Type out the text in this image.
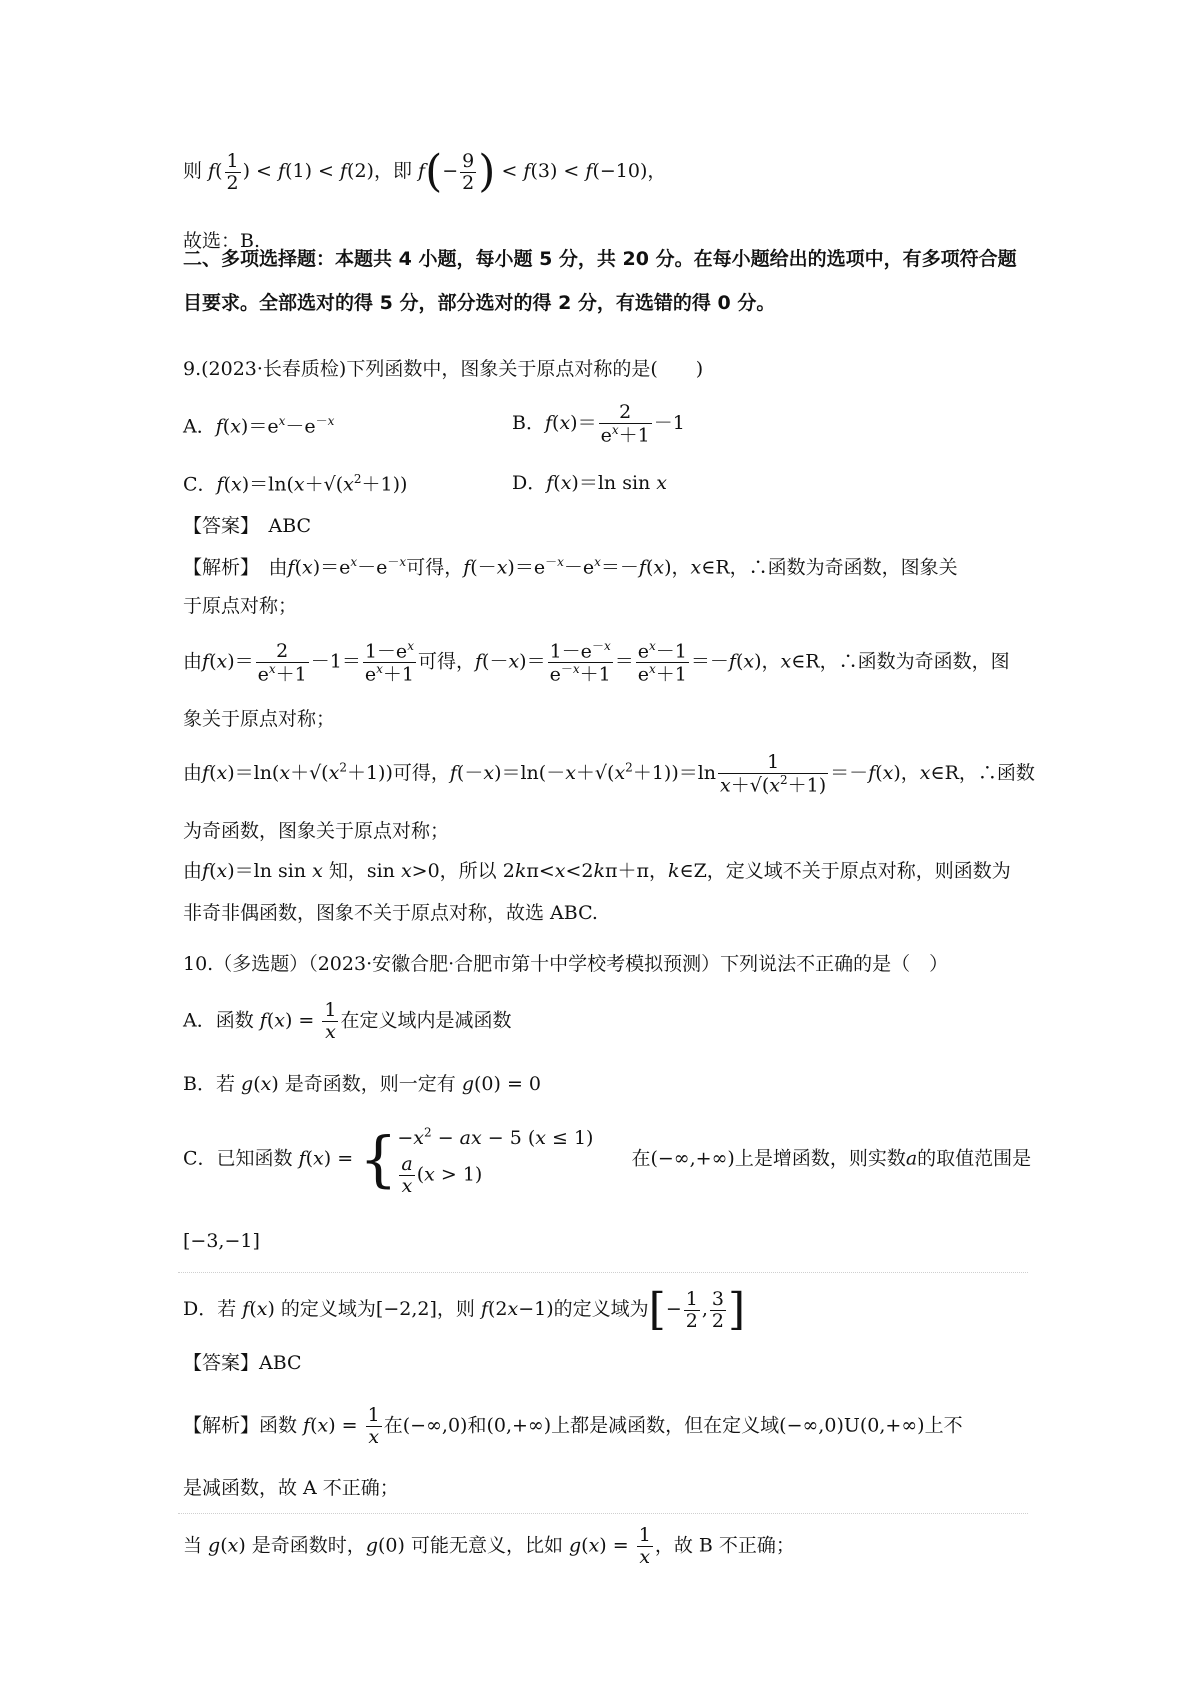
则 $f( \frac{1}{2}$ ) < f(1) < f(2)，即 $f(- \frac{9}{2}$ ) < f(3) < f(−10)，
故选：B.
二、多项选择题：本题共 4 小题，每小题 5 分，共 20 分。在每小题给出的选项中，有多项符合题目要求。全部选对的得 5 分，部分选对的得 2 分，有选错的得 0 分。
9.(2023·长春质检)下列函数中，图象关于原点对称的是(　　)
A．$f(x)=e^x-e^{-x}$	B．$f(x)= \frac{2}{e^x+1} -1$
C．$f(x)=\ln(x+√(x^2+1))$	D．f(x)＝ln sin x
【答案】　ABC
【解析】　由$f(x)=e^x-e^{-x}$可得，$f(-x)=e^{-x}-e^x=-f(x)$，x∈R，∴函数为奇函数，图象关
于原点对称；
由$f(x)= \frac{2}{e^x+1} -1= \frac{1-e^x}{e^x+1}$ 可得，$f(-x)= \frac{1-e^{-x}}{e^{-x}+1} = \frac{e^x-1}{e^x+1} =-f(x)$，x∈R，∴函数为奇函数，图
象关于原点对称；
由$f(x)=\ln(x+√(x^2+1))$可得，$f(-x)=\ln(-x+√(x^2+1))=\ln \frac{1}{x+√(x^2+1)} =-f(x)$，x∈R，∴函数
为奇函数，图象关于原点对称；
由f(x)＝ln sin x 知，sin x>0，所以 2kπ<x<2kπ＋π，k∈Z，定义域不关于原点对称，则函数为
非奇非偶函数，图象不关于原点对称，故选 ABC.
10.（多选题）（2023·安徽合肥·合肥市第十中学校考模拟预测）下列说法不正确的是（　）
A．函数 $f(x) = \frac{1}{x}$ 在定义域内是减函数
B．若 g(x) 是奇函数，则一定有 g(0) = 0
C．已知函数 f(x) = { $-x^2$ − ax − 5 (x ≤ 1)
$\frac{a}{x} (x > 1)$
　　在(−∞,+∞)上是增函数，则实数a的取值范围是
[−3,−1]
D．若 f(x) 的定义域为[−2,2]，则 f(2x−1)的定义域为[− $\frac{1}{2}$ , $\frac{3}{2}$ ]
【答案】ABC
【解析】函数 $f(x) = \frac{1}{x}$ 在(−∞,0)和(0,+∞)上都是减函数，但在定义域(−∞,0)U(0,+∞)上不
是减函数，故 A 不正确；
当 g(x) 是奇函数时，g(0) 可能无意义，比如 $g(x) = \frac{1}{x}$ ，故 B 不正确；
